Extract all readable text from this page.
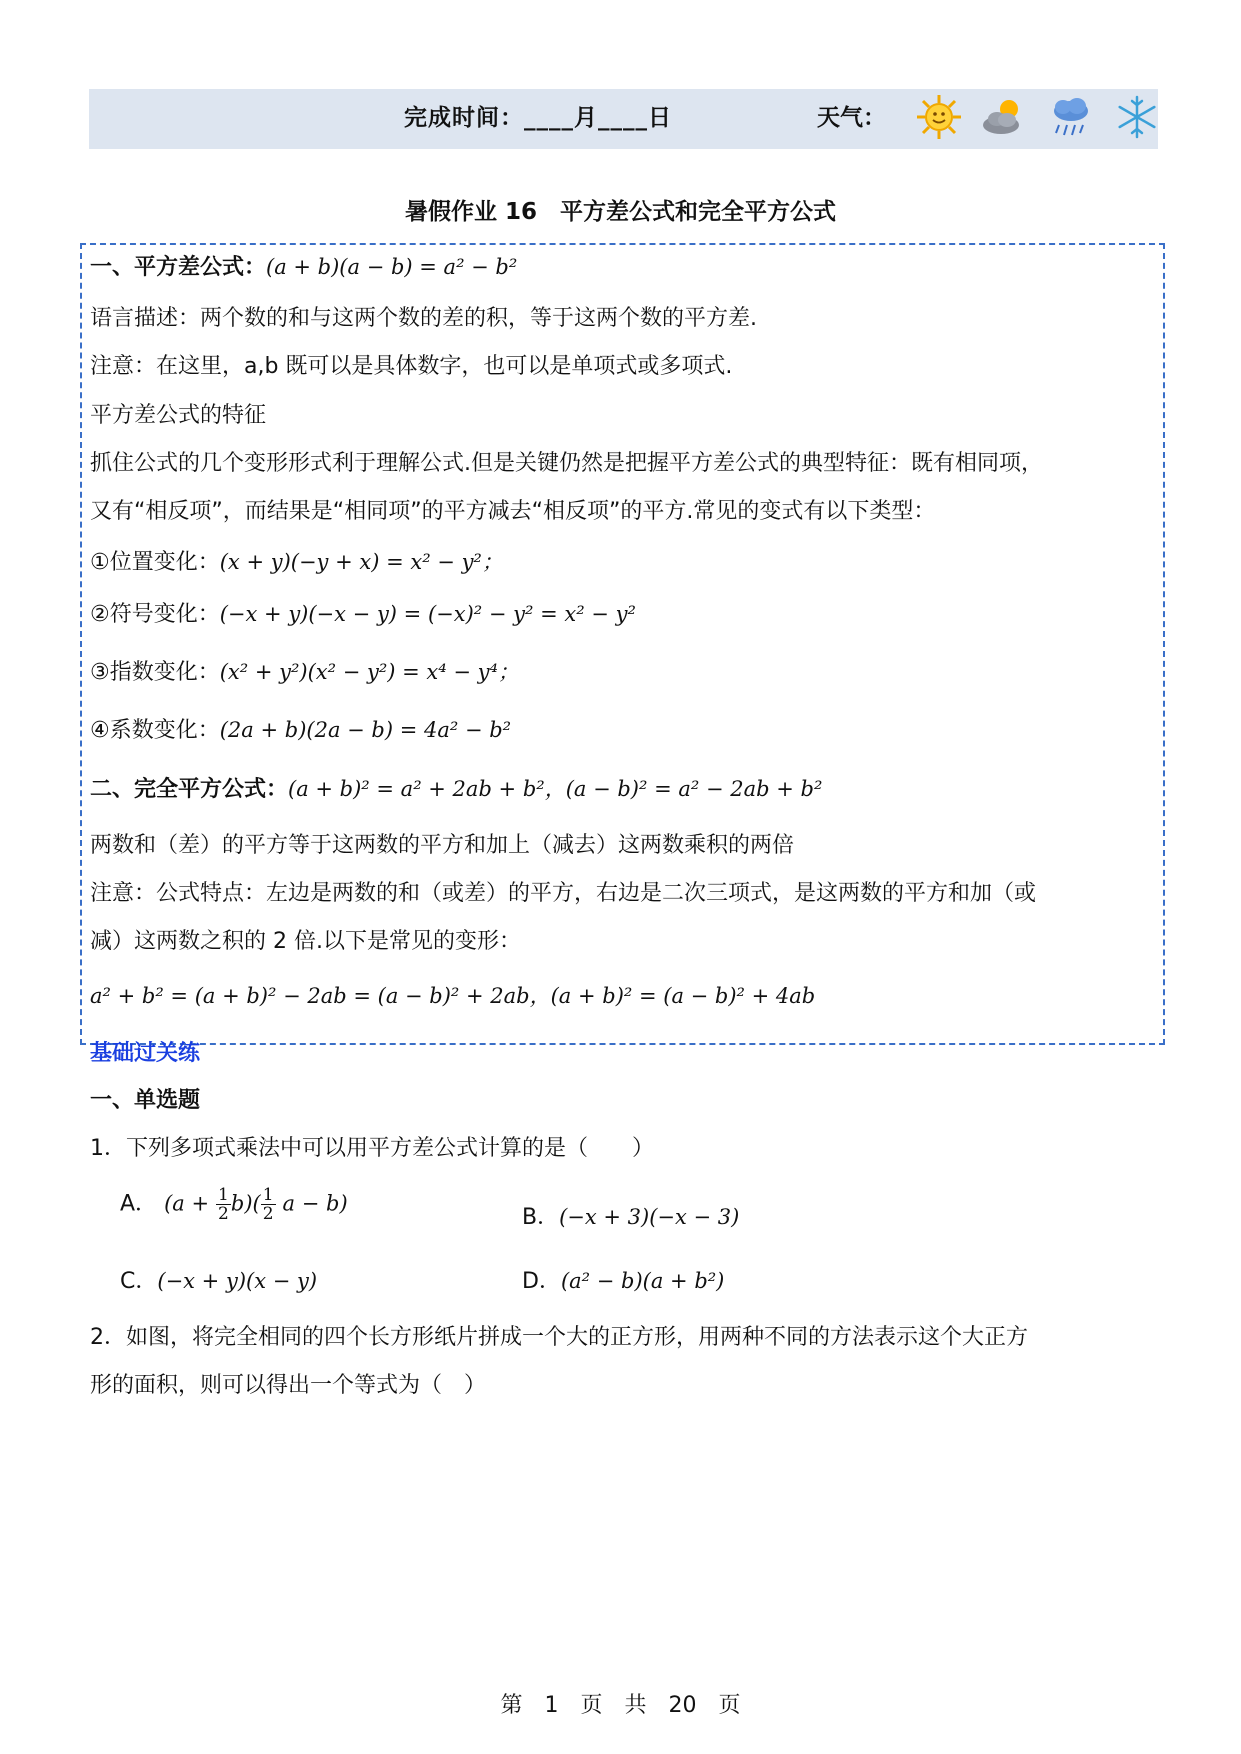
完成时间：____月____日	天气：
暑假作业 16　平方差公式和完全平方公式
一、平方差公式：(a + b)(a − b) = a² − b²
语言描述：两个数的和与这两个数的差的积，等于这两个数的平方差.
注意：在这里，a,b 既可以是具体数字，也可以是单项式或多项式.
平方差公式的特征
抓住公式的几个变形形式利于理解公式.但是关键仍然是把握平方差公式的典型特征：既有相同项，
又有“相反项”，而结果是“相同项”的平方减去“相反项”的平方.常见的变式有以下类型：
①位置变化：(x + y)(−y + x) = x² − y²；
②符号变化：(−x + y)(−x − y) = (−x)² − y² = x² − y²
③指数变化：(x² + y²)(x² − y²) = x⁴ − y⁴；
④系数变化：(2a + b)(2a − b) = 4a² − b²
二、完全平方公式：(a + b)² = a² + 2ab + b²，(a − b)² = a² − 2ab + b²
两数和（差）的平方等于这两数的平方和加上（减去）这两数乘积的两倍
注意：公式特点：左边是两数的和（或差）的平方，右边是二次三项式，是这两数的平方和加（或
减）这两数之积的 2 倍.以下是常见的变形：
a² + b² = (a + b)² − 2ab = (a − b)² + 2ab，(a + b)² = (a − b)² + 4ab
基础过关练
一、单选题
1．下列多项式乘法中可以用平方差公式计算的是（　　）
A． $(a + \frac{1}{2} b)( \frac{1}{2}$ a − b)
B．(−x + 3)(−x − 3)
C．(−x + y)(x − y)	D．(a² − b)(a + b²)
2．如图，将完全相同的四个长方形纸片拼成一个大的正方形，用两种不同的方法表示这个大正方
形的面积，则可以得出一个等式为（　）
第　1　页　共　20　页
